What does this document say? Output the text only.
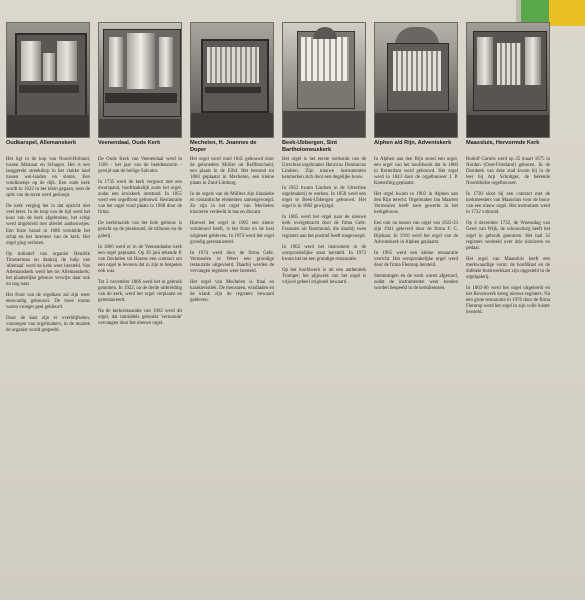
Oudkarspel, Allemanskerk

Het ligt in de kop van Noord-Holland, tussen Alkmaar en Schagen. Het is een langgerekt streekdorp in het vlakke land tussen wei-landen en sloten. Een windkoetsje op de dijk. Een oude kerk wordt in 1622 in het klein gegaan, toen de spits van de toren werd gesloopt.

De kerk verging het in dat opzicht niet veel beter. In de loop van de tijd werd het koor van de kerk afgebroken, het schip werd uitgebreid met allerlei aanbouwtjes. Een forse brand in 1688 vernielde het schip en het interieur van de kerk. Het orgel ging verloren.

Op initiatief van organist Hendrik Timmerman en dankzij de hulp van 'allemaal' werd de kerk weer hersteld. Van Allemanskerk werd het tot Allemanskerk; het plaatselijke gebouw verwijst daar ook nu nog naar.

Het front van de orgelkast zal zijn weer eenvoudig gebouwd. De twee torens waren vroeger geel gekleurd.

Door de kast zijn er overblijfselen, voorzegen van orgelmakers, in de muziek de organist wordt gespeeld.

Veenendaal, Oude Kerk

De Oude Kerk van Veenendaal werd in 1566 - het jaar van de beeldenstorm - gewijd aan de heilige Salvator.

In 1735 werd de kerk vergroot met een dwarspand, hoofdzakelijk zoals het orgel, zodat een kruiskerk ontstond. In 1855 werd een orgelfront gebouwd. Restauratie van het orgel vond plaats in 1968 door de firma.

De kerkmuziek van het hele gebouw is gericht op de preekstoel, de tribunes en de galerij.

In 1866 werd er in de Veenendaalse kerk een orgel geplaatst. Op 26 juni tekende P. van Oeckelen uit Harens een contract om een orgel te leveren dat in zijn te bespelen ook was.

Tot 2 november 1866 werd het in gebruik genomen. In 1922, na de derde uitbreiding van de kerk, werd het orgel verplaatst en gerestaureerd.

Na de kerkrestauratie van 1962 werd dit orgel, dat inmiddels gebruikt 'vertoonde' vervangen door het nieuwe orgel.

Mechelen, H. Joannes de Doper

Het orgel werd rond 1845 gebouwd door de gebroeders Müller uit Reifferscheid, een plaats in de Eifel. Het bestond tot 1860 geplaatst in Mechelen, een kleine plaats in Zuid-Limburg.

In de orgels van de Müllers zijn klassieke en romantische elementen samengevoegd. Zo zijn in het orgel van Mechelen klavieren verdeeld in bas en discant.

Hoewel het orgel in 1905 een nieuw vernieuwd heeft, is het front en de kast origineel gebleven. In 1974 werd het orgel grondig gerestaureerd.

In 1974 werd door de firma Gebr. Vermeulen te Weert een grondige restauratie uitgevoerd. Daarbij werden de vervangen registers weer hersteld.

Het orgel van Mechelen is fraai en karakteristiek. De mensuren, windladen en de klank zijn de registers bewaard gebleven.

Beek-Ubbergen, Sint Bartholomeuskerk

Het orgel is het eerste werkstuk van de Utrechtse orgelmaker Henricus Dominicus Lindsen. Zijn nieuwe instrumenten kenmerken zich door een degelijke bouw.

In 1852 kwam Lindsen in de Utrechtse orgelmakerij te werken. In 1858 werd een orgel te Beek-Ubbergen gebouwd. Het orgel is in 1882 gewijzigd.

In 1885 werd het orgel naar de nieuwe kerk overgebracht door de firma Gebr. Franssen uit Roermond, die daarbij twee registers aan het positief heeft toegevoegd.

In 1962 werd het instrument in de oorspronkelijke staat hersteld. In 1973 kwam het tot een grondige restauratie.

Op het hoofdwerk is uit een authentiek Trompet; het pijpwerk van het orgel is vrijwel geheel origineel bewaard.

Alphen a/d Rijn, Adventskerk

In Alphen aan den Rijn stond een orgel, een orgel van het hoofdwerk dat in 1860 in Rotterdam werd gebouwd. Het orgel werd in 1843 door de orgelbouwer J. P. Kamerling geplaatst.

Het orgel kwam in 1903 in Alphen aan den Rijn terecht. Orgelmaker Jan Maarten Vermeulen heeft toen gewerkt in het kerkgebouw.

Een ook na tussen van orgel van 1922-23 zijn 1941 geleverd door de firma F. C. Bijshaar. In 1910 werd het orgel van de Adventskerk in Alphen geplaatst.

In 1965 werd een kleine restauratie verricht. Het oorspronkelijke orgel werd door de firma Flentrop hersteld.

Stemmingen en de werk waren afgerond, zodat de instrumenten weer konden worden bespeeld in de kerkdiensten.

Maassluis, Hervormde Kerk

Rudolf Garrels werd op 25 maart 1675 in Norden (Oost-Friesland) geboren. In de Domkerk van deze stad kwam hij in de leer bij Arp Schnitger, de bekende Noordduitse orgelbouwer.

In 1730 sloot hij een contract met de kerkmeesters van Maassluis voor de bouw van een nieuw orgel. Het instrument werd in 1732 voltooid.

Op 4 december 1732, de Woensdag van Geert van Wijk, de schouwburg heeft het orgel in gebruik genomen. Het had 32 registers verdeeld over drie klavieren en pedaal.

Het orgel van Maassluis heeft een merkwaardige vorm: de hoofdkast en de dubbele borstwerkkast zijn opgesteld in de orgelgalerij.

In 1863-66 werd het orgel uitgebreid en het Bovenwerk kreeg nieuwe registers. Na een grote restauratie in 1976 door de firma Flentrop werd het orgel in zijn volle luister hersteld.
